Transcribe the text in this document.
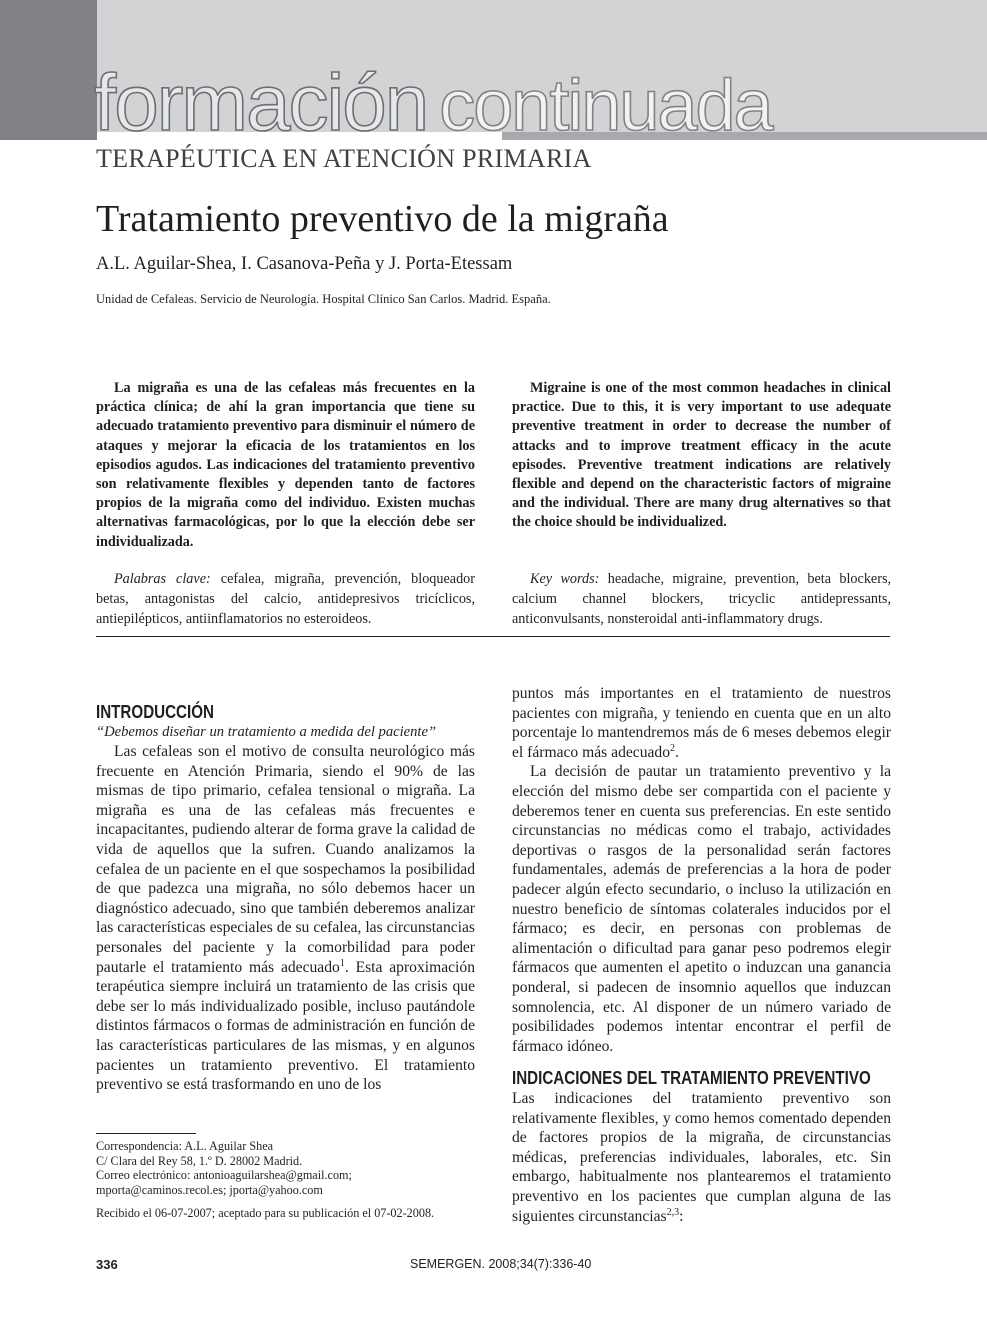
formación continuada
TERAPÉUTICA EN ATENCIÓN PRIMARIA
Tratamiento preventivo de la migraña
A.L. Aguilar-Shea, I. Casanova-Peña y J. Porta-Etessam
Unidad de Cefaleas. Servicio de Neurología. Hospital Clínico San Carlos. Madrid. España.
La migraña es una de las cefaleas más frecuentes en la práctica clínica; de ahí la gran importancia que tiene su adecuado tratamiento preventivo para disminuir el número de ataques y mejorar la eficacia de los tratamientos en los episodios agudos. Las indicaciones del tratamiento preventivo son relativamente flexibles y dependen tanto de factores propios de la migraña como del individuo. Existen muchas alternativas farmacológicas, por lo que la elección debe ser individualizada.
Migraine is one of the most common headaches in clinical practice. Due to this, it is very important to use adequate preventive treatment in order to decrease the number of attacks and to improve treatment efficacy in the acute episodes. Preventive treatment indications are relatively flexible and depend on the characteristic factors of migraine and the individual. There are many drug alternatives so that the choice should be individualized.
Palabras clave: cefalea, migraña, prevención, bloqueador betas, antagonistas del calcio, antidepresivos tricíclicos, antiepilépticos, antiinflamatorios no esteroideos.
Key words: headache, migraine, prevention, beta blockers, calcium channel blockers, tricyclic antidepressants, anticonvulsants, nonsteroidal anti-inflammatory drugs.
INTRODUCCIÓN
“Debemos diseñar un tratamiento a medida del paciente”

Las cefaleas son el motivo de consulta neurológico más frecuente en Atención Primaria, siendo el 90% de las mismas de tipo primario, cefalea tensional o migraña. La migraña es una de las cefaleas más frecuentes e incapacitantes, pudiendo alterar de forma grave la calidad de vida de aquellos que la sufren. Cuando analizamos la cefalea de un paciente en el que sospechamos la posibilidad de que padezca una migraña, no sólo debemos hacer un diagnóstico adecuado, sino que también deberemos analizar las características especiales de su cefalea, las circunstancias personales del paciente y la comorbilidad para poder pautarle el tratamiento más adecuado$^1$. Esta aproximación terapéutica siempre incluirá un tratamiento de las crisis que debe ser lo más individualizado posible, incluso pautándole distintos fármacos o formas de administración en función de las características particulares de las mismas, y en algunos pacientes un tratamiento preventivo. El tratamiento preventivo se está trasformando en uno de los

puntos más importantes en el tratamiento de nuestros pacientes con migraña, y teniendo en cuenta que en un alto porcentaje lo mantendremos más de 6 meses debemos elegir el fármaco más adecuado$^2$.

La decisión de pautar un tratamiento preventivo y la elección del mismo debe ser compartida con el paciente y deberemos tener en cuenta sus preferencias. En este sentido circunstancias no médicas como el trabajo, actividades deportivas o rasgos de la personalidad serán factores fundamentales, además de preferencias a la hora de poder padecer algún efecto secundario, o incluso la utilización en nuestro beneficio de síntomas colaterales inducidos por el fármaco; es decir, en personas con problemas de alimentación o dificultad para ganar peso podremos elegir fármacos que aumenten el apetito o induzcan una ganancia ponderal, si padecen de insomnio aquellos que induzcan somnolencia, etc. Al disponer de un número variado de posibilidades podemos intentar encontrar el perfil de fármaco idóneo.

INDICACIONES DEL TRATAMIENTO PREVENTIVO

Las indicaciones del tratamiento preventivo son relativamente flexibles, y como hemos comentado dependen de factores propios de la migraña, de circunstancias médicas, preferencias individuales, laborales, etc. Sin embargo, habitualmente nos plantearemos el tratamiento preventivo en los pacientes que cumplan alguna de las siguientes circunstancias$^{2,3}$:

Correspondencia: A.L. Aguilar Shea
C/ Clara del Rey 58, 1.º D. 28002 Madrid.
Correo electrónico: antonioaguilarshea@gmail.com;
mporta@caminos.recol.es; jporta@yahoo.com
Recibido el 06-07-2007; aceptado para su publicación el 07-02-2008.
336	SEMERGEN. 2008;34(7):336-40
